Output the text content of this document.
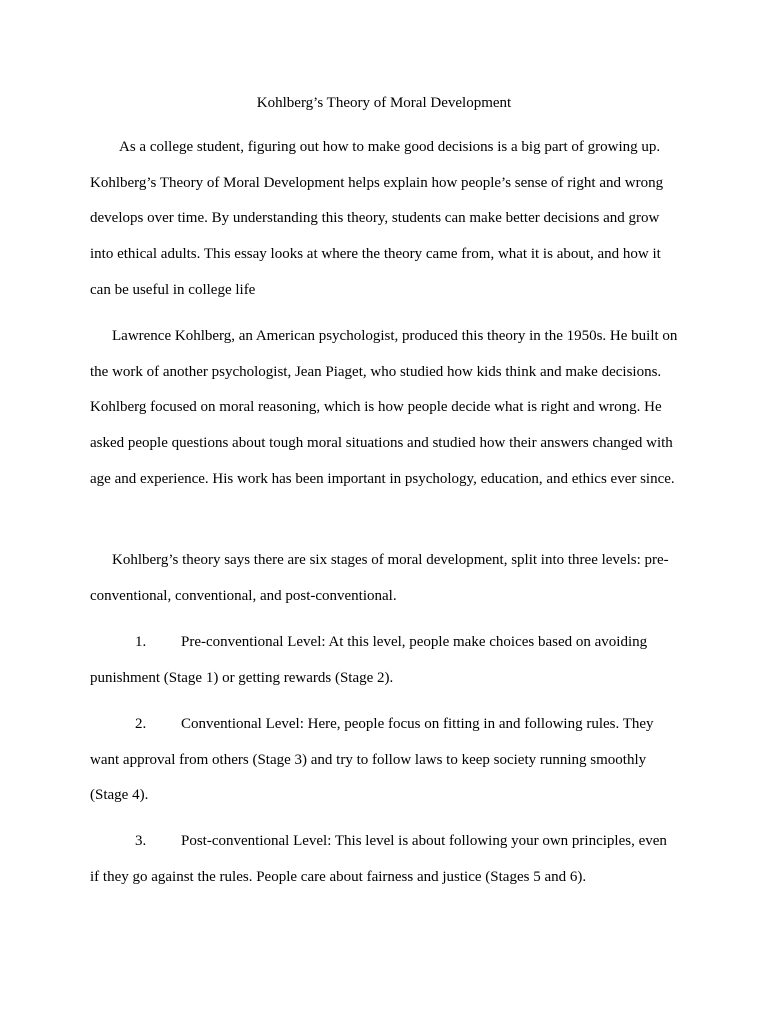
Kohlberg’s Theory of Moral Development

As a college student, figuring out how to make good decisions is a big part of growing up. Kohlberg’s Theory of Moral Development helps explain how people’s sense of right and wrong develops over time. By understanding this theory, students can make better decisions and grow into ethical adults. This essay looks at where the theory came from, what it is about, and how it can be useful in college life

Lawrence Kohlberg, an American psychologist, produced this theory in the 1950s. He built on the work of another psychologist, Jean Piaget, who studied how kids think and make decisions. Kohlberg focused on moral reasoning, which is how people decide what is right and wrong. He asked people questions about tough moral situations and studied how their answers changed with age and experience. His work has been important in psychology, education, and ethics ever since.

Kohlberg’s theory says there are six stages of moral development, split into three levels: pre-conventional, conventional, and post-conventional.

1. Pre-conventional Level: At this level, people make choices based on avoiding punishment (Stage 1) or getting rewards (Stage 2).

2. Conventional Level: Here, people focus on fitting in and following rules. They want approval from others (Stage 3) and try to follow laws to keep society running smoothly (Stage 4).

3. Post-conventional Level: This level is about following your own principles, even if they go against the rules. People care about fairness and justice (Stages 5 and 6).
